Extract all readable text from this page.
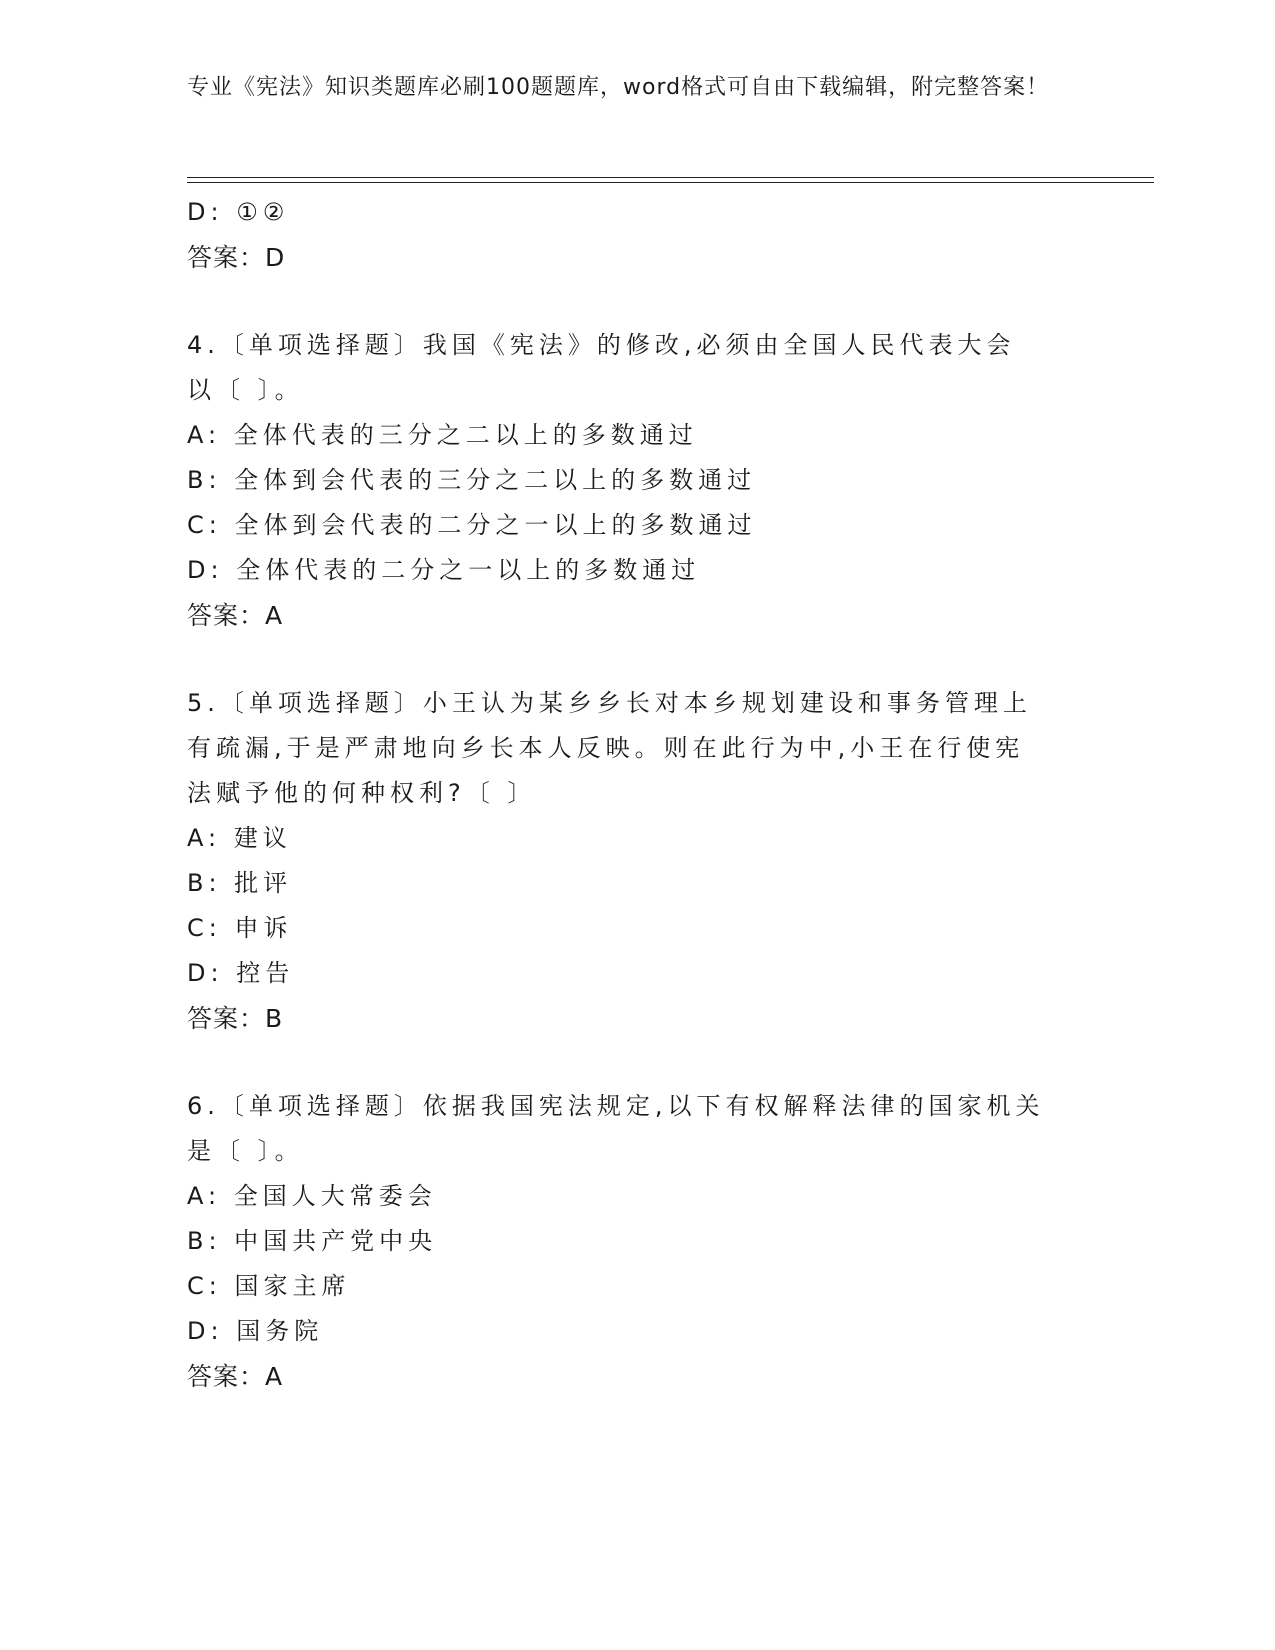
专业《宪法》知识类题库必刷100题题库，word格式可自由下载编辑，附完整答案！
D: ①②
答案：D
4.〔单项选择题〕我国《宪法》的修改,必须由全国人民代表大会以〔 〕。
A: 全体代表的三分之二以上的多数通过
B: 全体到会代表的三分之二以上的多数通过
C: 全体到会代表的二分之一以上的多数通过
D: 全体代表的二分之一以上的多数通过
答案：A
5.〔单项选择题〕小王认为某乡乡长对本乡规划建设和事务管理上有疏漏,于是严肃地向乡长本人反映。则在此行为中,小王在行使宪法赋予他的何种权利?〔 〕
A: 建议
B: 批评
C: 申诉
D: 控告
答案：B
6.〔单项选择题〕依据我国宪法规定,以下有权解释法律的国家机关是〔 〕。
A: 全国人大常委会
B: 中国共产党中央
C: 国家主席
D: 国务院
答案：A
